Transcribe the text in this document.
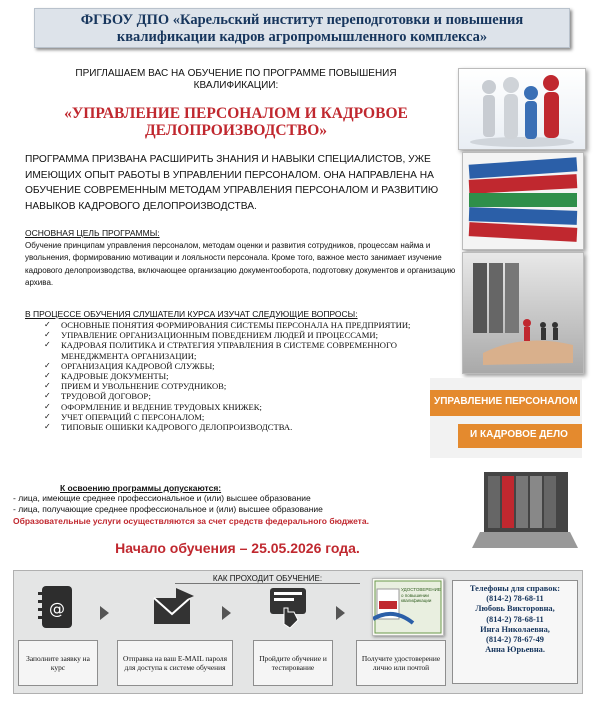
ФГБОУ ДПО «Карельский институт переподготовки и повышения
квалификации кадров агропромышленного комплекса»
ПРИГЛАШАЕМ ВАС НА ОБУЧЕНИЕ ПО ПРОГРАММЕ ПОВЫШЕНИЯ КВАЛИФИКАЦИИ:
«УПРАВЛЕНИЕ ПЕРСОНАЛОМ И КАДРОВОЕ ДЕЛОПРОИЗВОДСТВО»
ПРОГРАММА ПРИЗВАНА РАСШИРИТЬ ЗНАНИЯ И НАВЫКИ СПЕЦИАЛИСТОВ, УЖЕ ИМЕЮЩИХ ОПЫТ РАБОТЫ В УПРАВЛЕНИИ ПЕРСОНАЛОМ. ОНА НАПРАВЛЕНА НА ОБУЧЕНИЕ СОВРЕМЕННЫМ МЕТОДАМ УПРАВЛЕНИЯ ПЕРСОНАЛОМ И РАЗВИТИЮ НАВЫКОВ КАДРОВОГО ДЕЛОПРОИЗВОДСТВА.
ОСНОВНАЯ ЦЕЛЬ ПРОГРАММЫ:
Обучение принципам управления персоналом, методам оценки и развития сотрудников, процессам найма и увольнения, формированию мотивации и лояльности персонала. Кроме того, важное место занимает изучение кадрового делопроизводства, включающее организацию документооборота, подготовку документов и организацию архива.
В ПРОЦЕССЕ ОБУЧЕНИЯ СЛУШАТЕЛИ КУРСА ИЗУЧАТ СЛЕДУЮЩИЕ ВОПРОСЫ:
✓ ОСНОВНЫЕ ПОНЯТИЯ ФОРМИРОВАНИЯ СИСТЕМЫ ПЕРСОНАЛА НА ПРЕДПРИЯТИИ;
✓ УПРАВЛЕНИЕ ОРГАНИЗАЦИОННЫМ ПОВЕДЕНИЕМ ЛЮДЕЙ И ПРОЦЕССАМИ;
✓ КАДРОВАЯ ПОЛИТИКА И СТРАТЕГИЯ УПРАВЛЕНИЯ В СИСТЕМЕ СОВРЕМЕННОГО МЕНЕДЖМЕНТА ОРГАНИЗАЦИИ;
✓ ОРГАНИЗАЦИЯ КАДРОВОЙ СЛУЖБЫ;
✓ КАДРОВЫЕ ДОКУМЕНТЫ;
✓ ПРИЕМ И УВОЛЬНЕНИЕ СОТРУДНИКОВ;
✓ ТРУДОВОЙ ДОГОВОР;
✓ ОФОРМЛЕНИЕ И ВЕДЕНИЕ ТРУДОВЫХ КНИЖЕК;
✓ УЧЕТ ОПЕРАЦИЙ С ПЕРСОНАЛОМ;
✓ ТИПОВЫЕ ОШИБКИ КАДРОВОГО ДЕЛОПРОИЗВОДСТВА.
К освоению программы допускаются:
- лица, имеющие среднее профессиональное и (или) высшее образование
- лица, получающие среднее профессиональное и (или) высшее образование
Образовательные услуги осуществляются за счет средств федерального бюджета.
Начало обучения – 25.05.2026 года.
УПРАВЛЕНИЕ ПЕРСОНАЛОМ
И КАДРОВОЕ ДЕЛО
КАК ПРОХОДИТ ОБУЧЕНИЕ:
@
УДОСТОВЕРЕНИЕ о повышении квалификации
Заполните заявку на курс
Отправка на ваш E-MAIL пароля для доступа к системе обучения
Пройдите обучение и тестирование
Получите удостоверение лично или почтой
Телефоны для справок:
(814-2) 78-68-11
Любовь Викторовна,
(814-2) 78-68-11
Инга Николаевна,
(814-2) 78-67-49
Анна Юрьевна.
